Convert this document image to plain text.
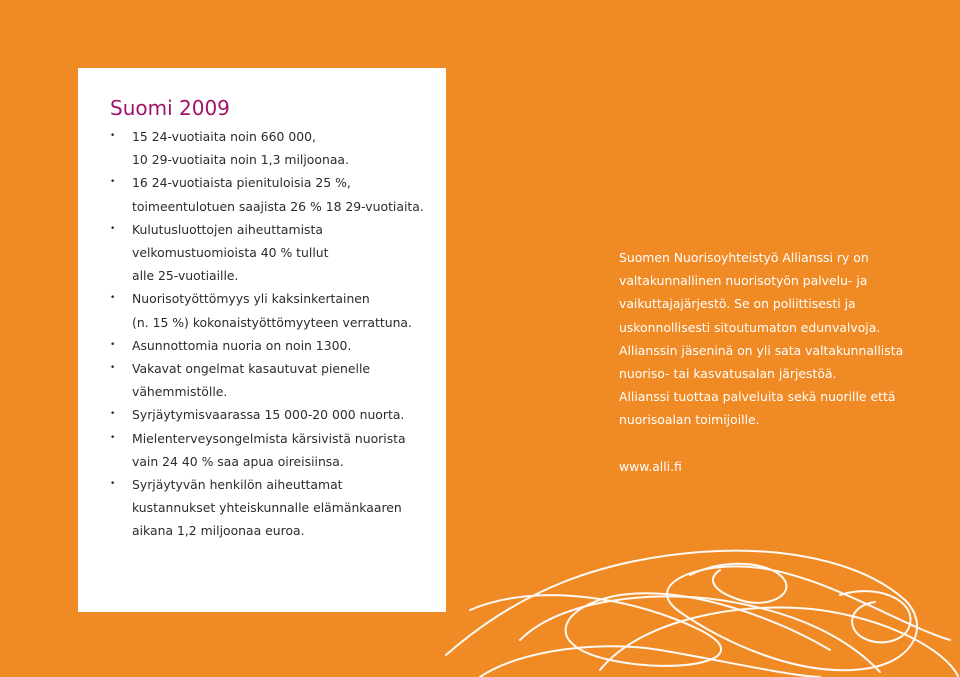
Suomi 2009
• 15 24-vuotiaita noin 660 000,
10 29-vuotiaita noin 1,3 miljoonaa.
• 16 24-vuotiaista pienituloisia 25 %,
toimeentulotuen saajista 26 % 18 29-vuotiaita.
• Kulutusluottojen aiheuttamista
velkomustuomioista 40 % tullut
alle 25-vuotiaille.
• Nuorisotyöttömyys yli kaksinkertainen
(n. 15 %) kokonaistyöttömyyteen verrattuna.
• Asunnottomia nuoria on noin 1300.
• Vakavat ongelmat kasautuvat pienelle
vähemmistölle.
• Syrjäytymisvaarassa 15 000-20 000 nuorta.
• Mielenterveysongelmista kärsivistä nuorista
vain 24 40 % saa apua oireisiinsa.
• Syrjäytyvän henkilön aiheuttamat
kustannukset yhteiskunnalle elämänkaaren
aikana 1,2 miljoonaa euroa.

Suomen Nuorisoyhteistyö Allianssi ry on
valtakunnallinen nuorisotyön palvelu- ja
vaikuttajajärjestö. Se on poliittisesti ja
uskonnollisesti sitoutumaton edunvalvoja.
Allianssin jäseninä on yli sata valtakunnallista
nuoriso- tai kasvatusalan järjestöä.
Allianssi tuottaa palveluita sekä nuorille että
nuorisoalan toimijoille.

www.alli.fi
